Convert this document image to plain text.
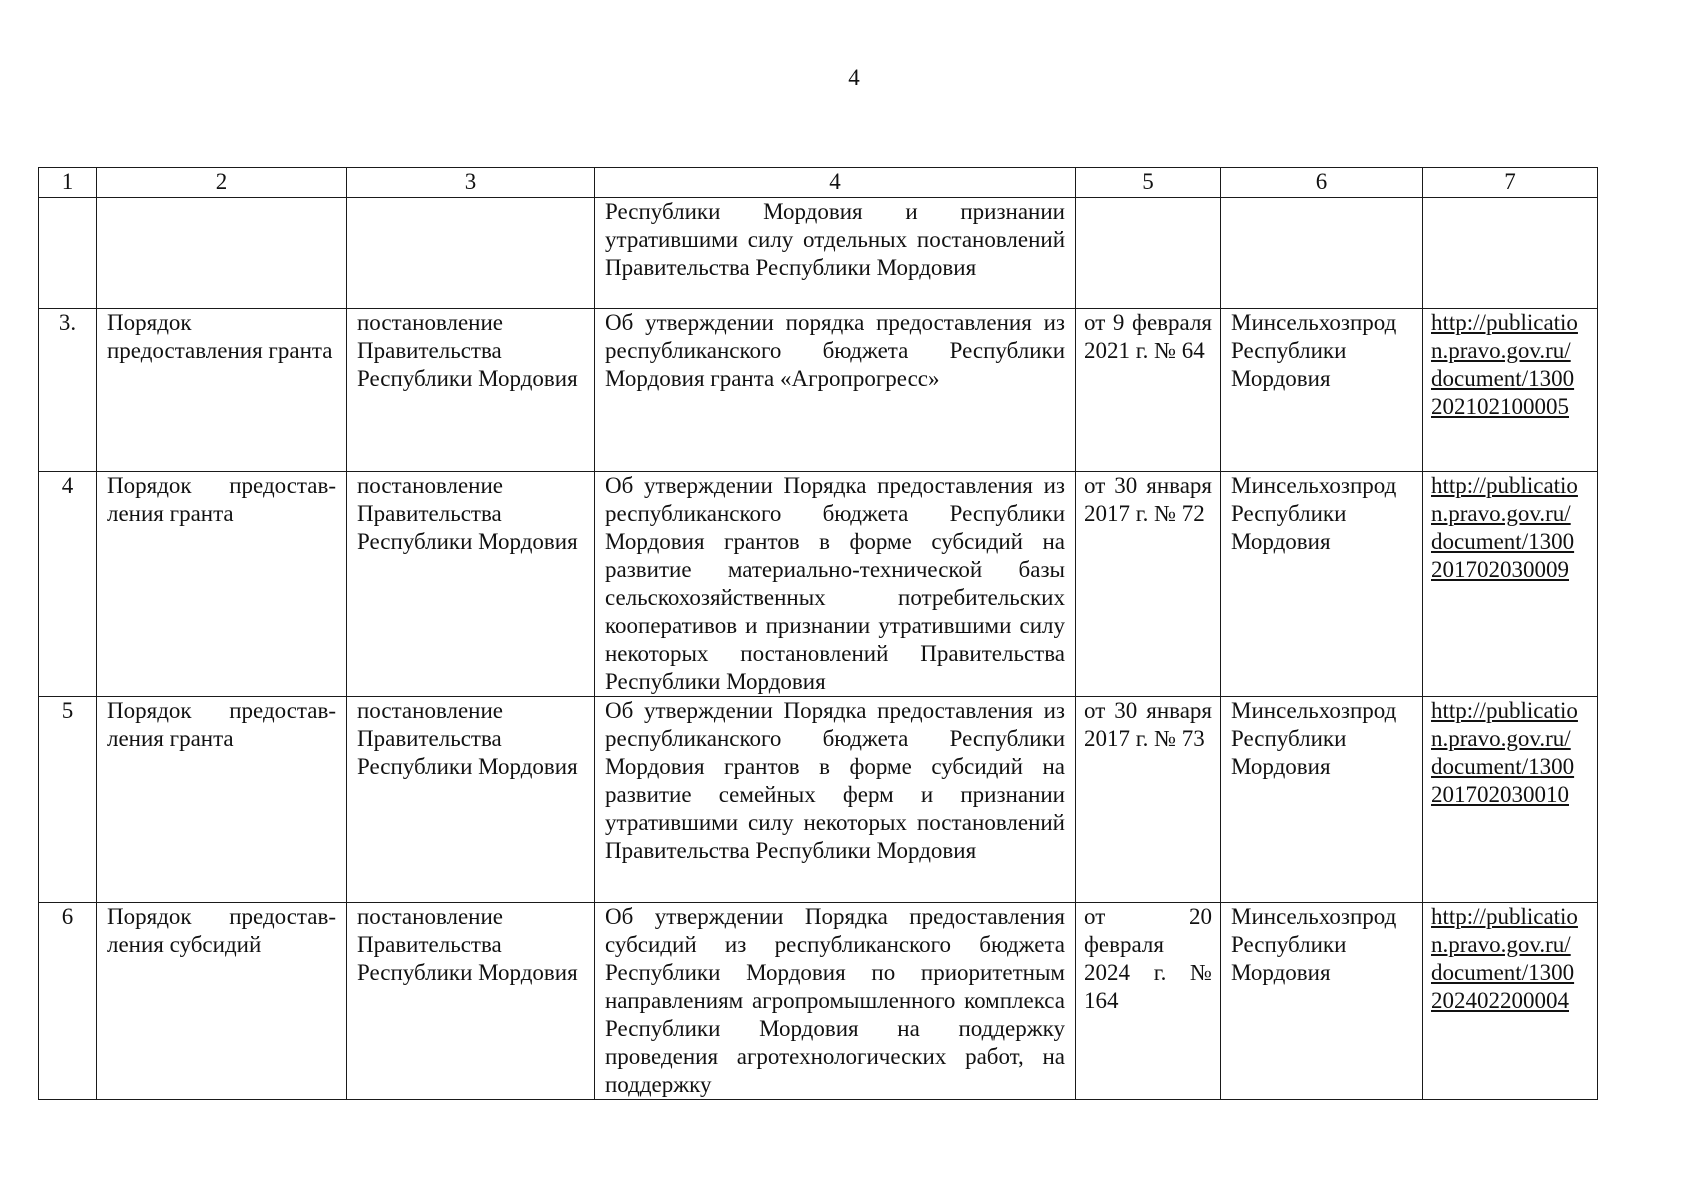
4
1	2	3	4	5	6	7
			Республики Мордовия и признании утратившими силу отдельных постановлений Правительства Республики Мордовия			

3.	Порядок предоставления гранта	постановление Правительства Республики Мордовия	Об утверждении порядка предоставления из республиканского бюджета Республики Мордовия гранта «Агропрогресс»	от 9 февраля 2021 г. № 64	Минсельхозпрод Республики Мордовия	http://publication.pravo.gov.ru/document/1300202102100005

4	Порядок предостав-ления гранта	постановление Правительства Республики Мордовия	Об утверждении Порядка предоставления из республиканского бюджета Республики Мордовия грантов в форме субсидий на развитие материально-технической базы сельскохозяйственных потребительских кооперативов и признании утратившими силу некоторых постановлений Правительства Республики Мордовия	от 30 января 2017 г. № 72	Минсельхозпрод Республики Мордовия	http://publication.pravo.gov.ru/document/1300201702030009

5	Порядок предостав-ления гранта	постановление Правительства Республики Мордовия	Об утверждении Порядка предоставления из республиканского бюджета Республики Мордовия грантов в форме субсидий на развитие семейных ферм и признании утратившими силу некоторых постановлений Правительства Республики Мордовия	от 30 января 2017 г. № 73	Минсельхозпрод Республики Мордовия	http://publication.pravo.gov.ru/document/1300201702030010

6	Порядок предостав-ления субсидий	постановление Правительства Республики Мордовия	Об утверждении Порядка предоставления субсидий из республиканского бюджета Республики Мордовия по приоритетным направлениям агропромышленного комплекса Республики Мордовия на поддержку проведения агротехнологических работ, на поддержку	от 20 февраля 2024 г. № 164	Минсельхозпрод Республики Мордовия	http://publication.pravo.gov.ru/document/1300202402200004
